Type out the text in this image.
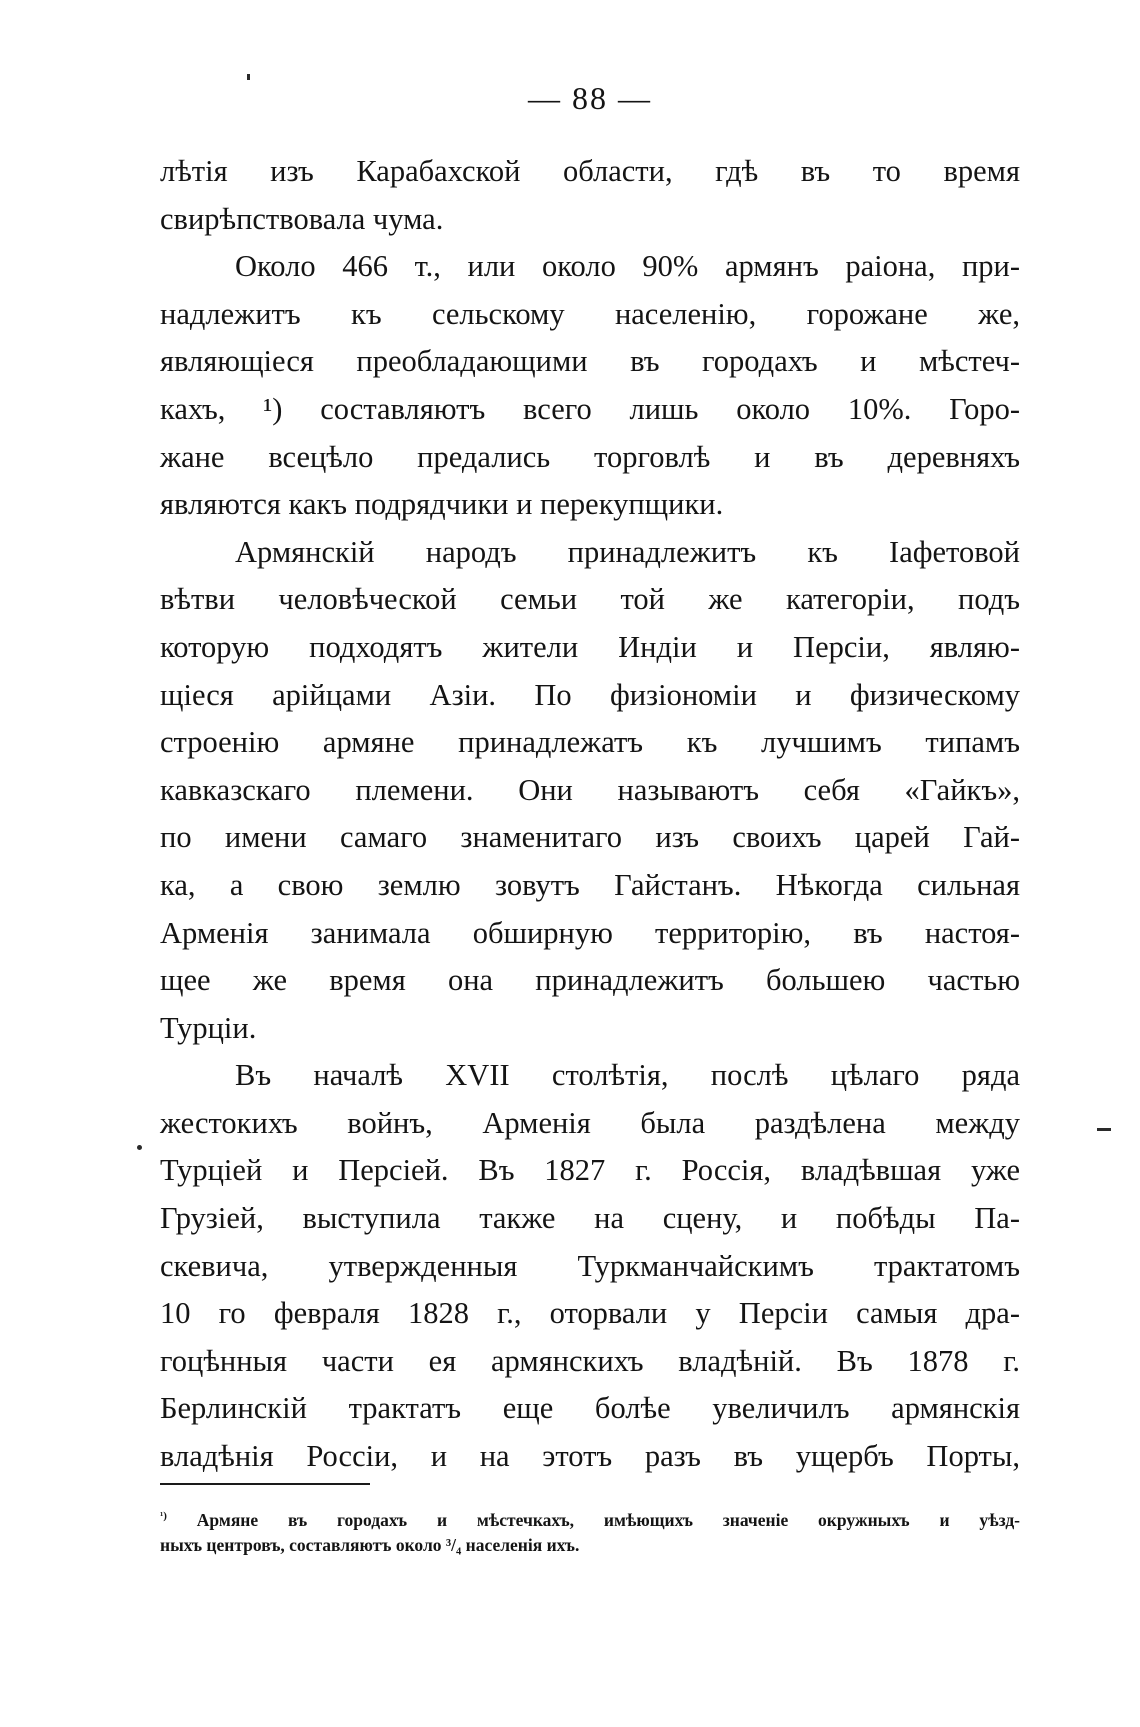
— 88 —
лѣтія изъ Карабахской области, гдѣ въ то время
свирѣпствовала чума.
Около 466 т., или около 90% армянъ раіона, при-
надлежитъ къ сельскому населенію, горожане же,
являющіеся преобладающими въ городахъ и мѣстеч-
кахъ, ¹) составляютъ всего лишь около 10%. Горо-
жане всецѣло предались торговлѣ и въ деревняхъ
являются какъ подрядчики и перекупщики.
Армянскій народъ принадлежитъ къ Іафетовой
вѣтви человѣческой семьи той же категоріи, подъ
которую подходятъ жители Индіи и Персіи, являю-
щіеся арійцами Азіи. По физіономіи и физическому
строенію армяне принадлежатъ къ лучшимъ типамъ
кавказскаго племени. Они называютъ себя «Гайкъ»,
по имени самаго знаменитаго изъ своихъ царей Гай-
ка, а свою землю зовутъ Гайстанъ. Нѣкогда сильная
Арменія занимала обширную территорію, въ настоя-
щее же время она принадлежитъ большею частью
Турціи.
Въ началѣ XVII столѣтія, послѣ цѣлаго ряда
жестокихъ войнъ, Арменія была раздѣлена между
Турціей и Персіей. Въ 1827 г. Россія, владѣвшая уже
Грузіей, выступила также на сцену, и побѣды Па-
скевича, утвержденныя Туркманчайскимъ трактатомъ
10 го февраля 1828 г., оторвали у Персіи самыя дра-
гоцѣнныя части ея армянскихъ владѣній. Въ 1878 г.
Берлинскій трактатъ еще болѣе увеличилъ армянскія
владѣнія Россіи, и на этотъ разъ въ ущербъ Порты,
$^{^1)}$ Армяне въ городахъ и мѣстечкахъ, имѣющихъ значеніе окружныхъ и уѣзд-
ныхъ центровъ, составляютъ около ³/₄ населенія ихъ.
